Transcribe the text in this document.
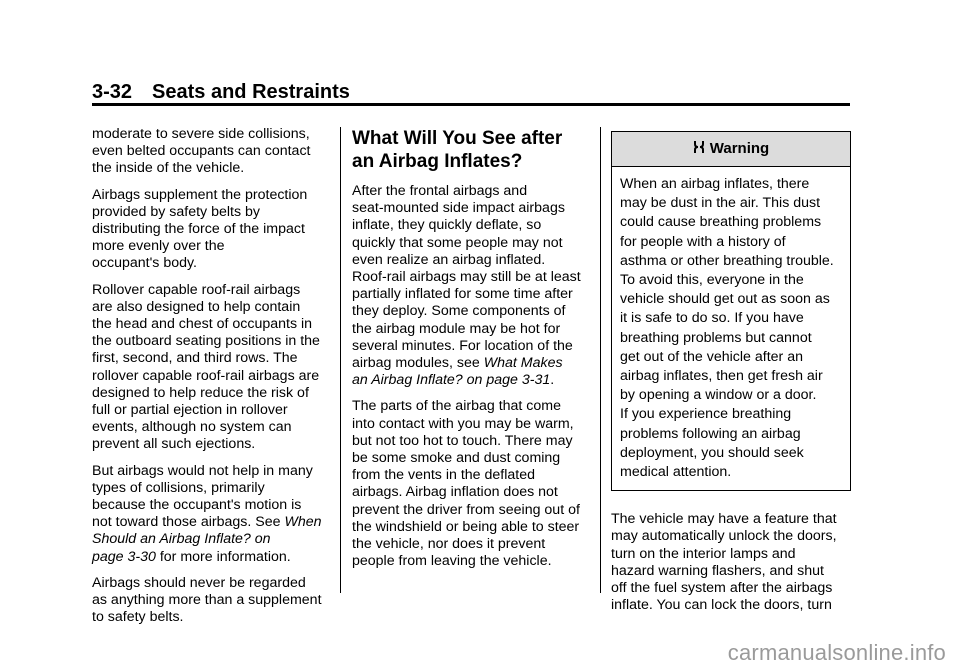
3-32 Seats and Restraints

moderate to severe side collisions,
even belted occupants can contact
the inside of the vehicle.

Airbags supplement the protection
provided by safety belts by
distributing the force of the impact
more evenly over the
occupant's body.

Rollover capable roof-rail airbags
are also designed to help contain
the head and chest of occupants in
the outboard seating positions in the
first, second, and third rows. The
rollover capable roof-rail airbags are
designed to help reduce the risk of
full or partial ejection in rollover
events, although no system can
prevent all such ejections.

But airbags would not help in many
types of collisions, primarily
because the occupant's motion is
not toward those airbags. See When
Should an Airbag Inflate? on
page 3-30 for more information.

Airbags should never be regarded
as anything more than a supplement
to safety belts.

What Will You See after
an Airbag Inflates?

After the frontal airbags and
seat-mounted side impact airbags
inflate, they quickly deflate, so
quickly that some people may not
even realize an airbag inflated.
Roof-rail airbags may still be at least
partially inflated for some time after
they deploy. Some components of
the airbag module may be hot for
several minutes. For location of the
airbag modules, see What Makes
an Airbag Inflate? on page 3-31.

The parts of the airbag that come
into contact with you may be warm,
but not too hot to touch. There may
be some smoke and dust coming
from the vents in the deflated
airbags. Airbag inflation does not
prevent the driver from seeing out of
the windshield or being able to steer
the vehicle, nor does it prevent
people from leaving the vehicle.

Warning
When an airbag inflates, there
may be dust in the air. This dust
could cause breathing problems
for people with a history of
asthma or other breathing trouble.
To avoid this, everyone in the
vehicle should get out as soon as
it is safe to do so. If you have
breathing problems but cannot
get out of the vehicle after an
airbag inflates, then get fresh air
by opening a window or a door.
If you experience breathing
problems following an airbag
deployment, you should seek
medical attention.

The vehicle may have a feature that
may automatically unlock the doors,
turn on the interior lamps and
hazard warning flashers, and shut
off the fuel system after the airbags
inflate. You can lock the doors, turn

carmanualsonline.info
